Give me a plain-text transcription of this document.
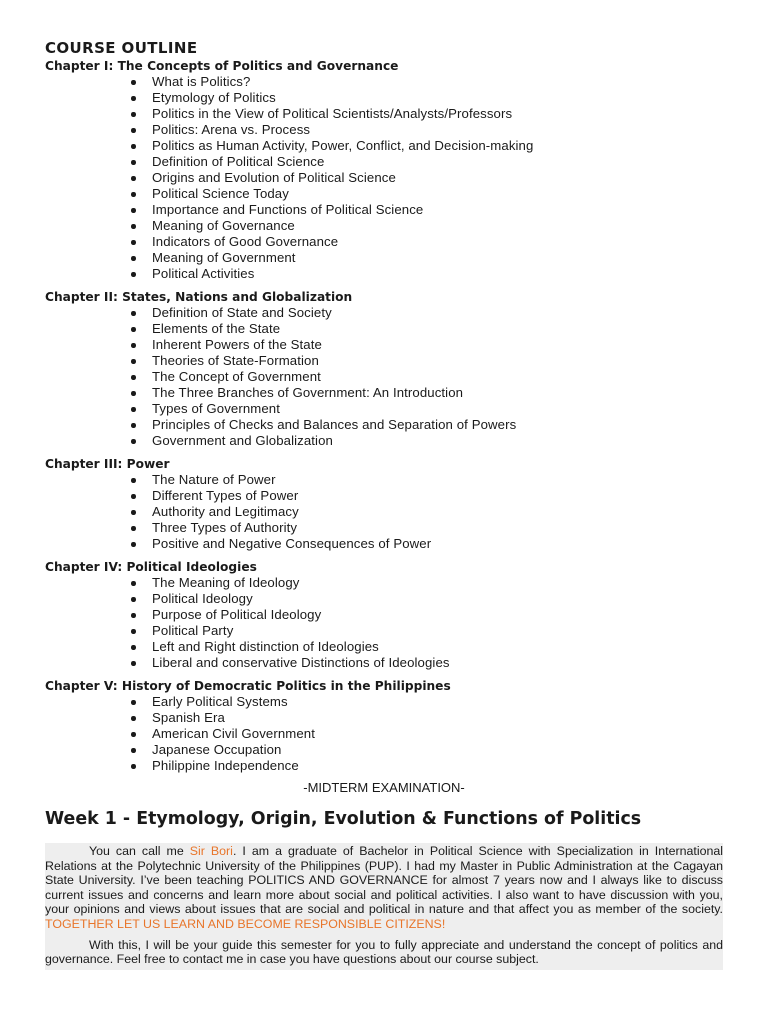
COURSE OUTLINE
Chapter I: The Concepts of Politics and Governance
What is Politics?
Etymology of Politics
Politics in the View of Political Scientists/Analysts/Professors
Politics: Arena vs. Process
Politics as Human Activity, Power, Conflict, and Decision-making
Definition of Political Science
Origins and Evolution of Political Science
Political Science Today
Importance and Functions of Political Science
Meaning of Governance
Indicators of Good Governance
Meaning of Government
Political Activities
Chapter II: States, Nations and Globalization
Definition of State and Society
Elements of the State
Inherent Powers of the State
Theories of State-Formation
The Concept of Government
The Three Branches of Government: An Introduction
Types of Government
Principles of Checks and Balances and Separation of Powers
Government and Globalization
Chapter III: Power
The Nature of Power
Different Types of Power
Authority and Legitimacy
Three Types of Authority
Positive and Negative Consequences of Power
Chapter IV: Political Ideologies
The Meaning of Ideology
Political Ideology
Purpose of Political Ideology
Political Party
Left and Right distinction of Ideologies
Liberal and conservative Distinctions of Ideologies
Chapter V: History of Democratic Politics in the Philippines
Early Political Systems
Spanish Era
American Civil Government
Japanese Occupation
Philippine Independence
-MIDTERM EXAMINATION-
Week 1 - Etymology, Origin, Evolution & Functions of Politics

You can call me Sir Bori. I am a graduate of Bachelor in Political Science with Specialization in International Relations at the Polytechnic University of the Philippines (PUP). I had my Master in Public Administration at the Cagayan State University. I’ve been teaching POLITICS AND GOVERNANCE for almost 7 years now and I always like to discuss current issues and concerns and learn more about social and political activities. I also want to have discussion with you, your opinions and views about issues that are social and political in nature and that affect you as member of the society. TOGETHER LET US LEARN AND BECOME RESPONSIBLE CITIZENS!

With this, I will be your guide this semester for you to fully appreciate and understand the concept of politics and governance. Feel free to contact me in case you have questions about our course subject.
